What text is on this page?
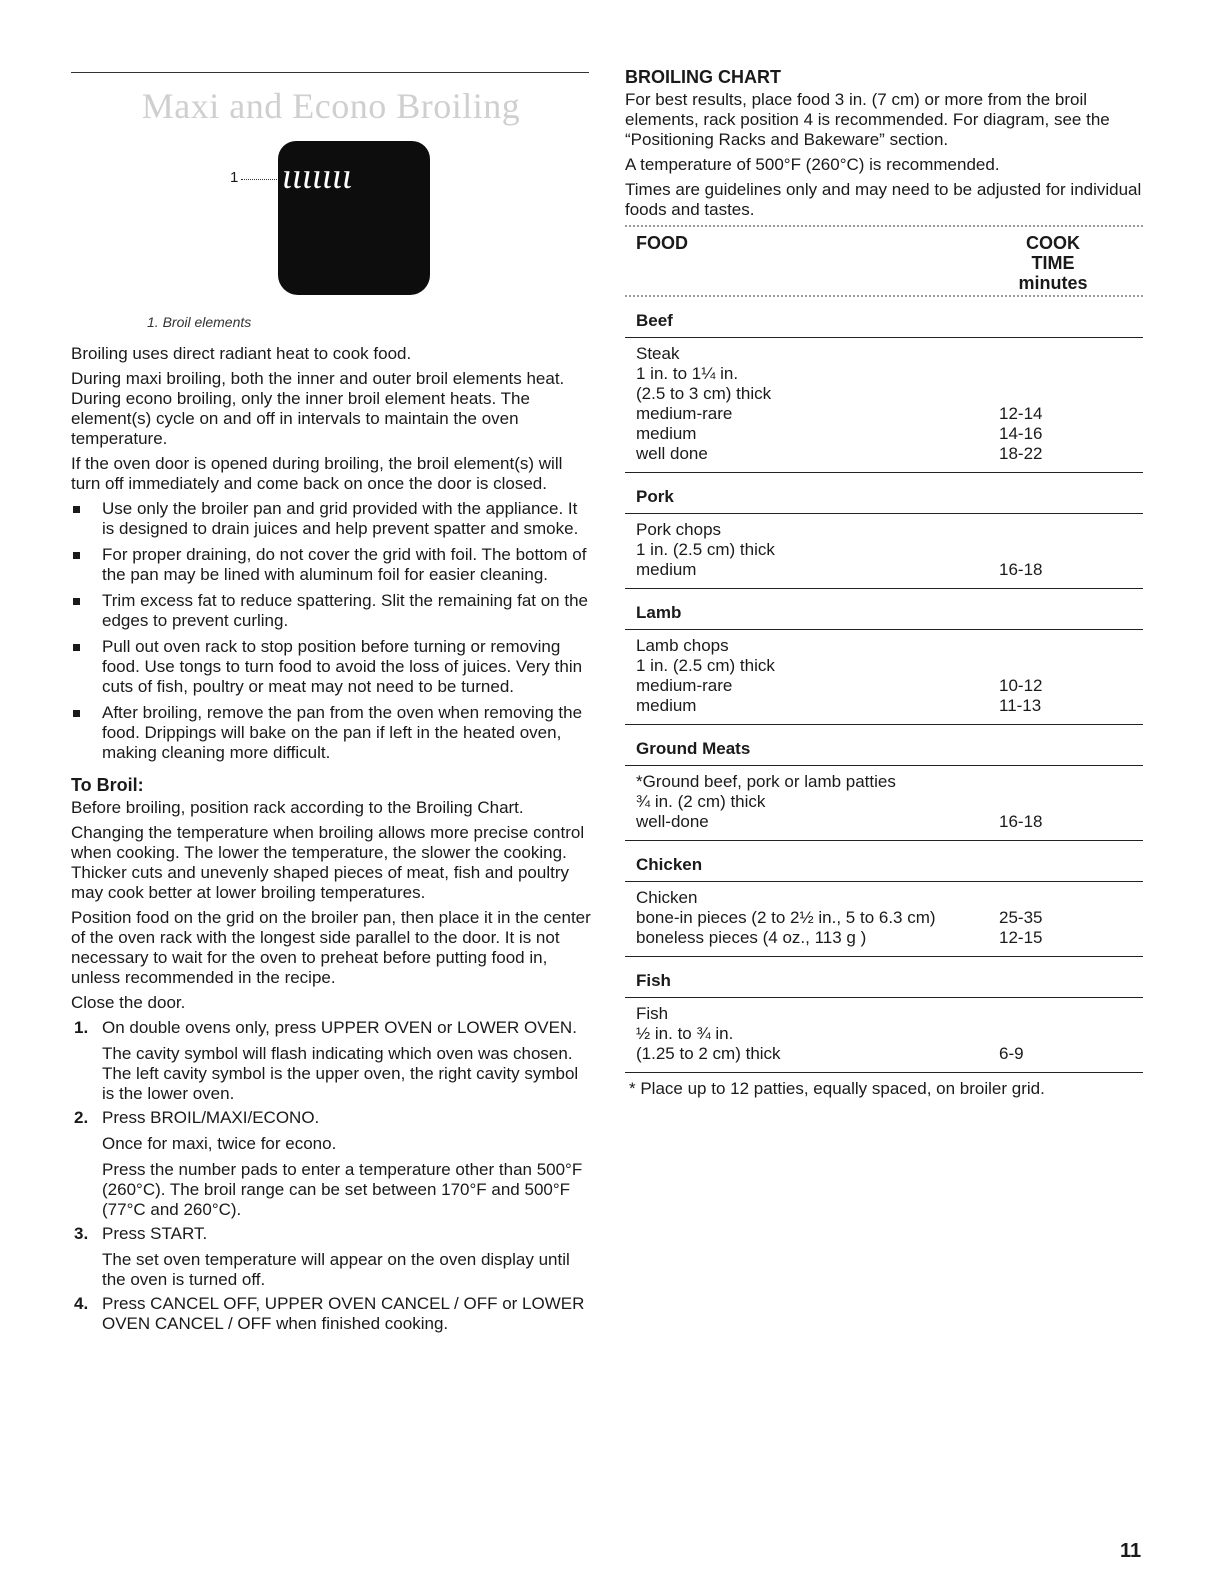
Maxi and Econo Broiling
1 ɩɩɩɩɩɩɩ
1. Broil elements

Broiling uses direct radiant heat to cook food.

During maxi broiling, both the inner and outer broil elements heat. During econo broiling, only the inner broil element heats. The element(s) cycle on and off in intervals to maintain the oven temperature.

If the oven door is opened during broiling, the broil element(s) will turn off immediately and come back on once the door is closed.

Use only the broiler pan and grid provided with the appliance. It is designed to drain juices and help prevent spatter and smoke.
For proper draining, do not cover the grid with foil. The bottom of the pan may be lined with aluminum foil for easier cleaning.
Trim excess fat to reduce spattering. Slit the remaining fat on the edges to prevent curling.
Pull out oven rack to stop position before turning or removing food. Use tongs to turn food to avoid the loss of juices. Very thin cuts of fish, poultry or meat may not need to be turned.
After broiling, remove the pan from the oven when removing the food. Drippings will bake on the pan if left in the heated oven, making cleaning more difficult.
To Broil:

Before broiling, position rack according to the Broiling Chart.

Changing the temperature when broiling allows more precise control when cooking. The lower the temperature, the slower the cooking. Thicker cuts and unevenly shaped pieces of meat, fish and poultry may cook better at lower broiling temperatures.

Position food on the grid on the broiler pan, then place it in the center of the oven rack with the longest side parallel to the door. It is not necessary to wait for the oven to preheat before putting food in, unless recommended in the recipe.

Close the door.

1. On double ovens only, press UPPER OVEN or LOWER OVEN.
The cavity symbol will flash indicating which oven was chosen. The left cavity symbol is the upper oven, the right cavity symbol is the lower oven.
2. Press BROIL/MAXI/ECONO.
Once for maxi, twice for econo.
Press the number pads to enter a temperature other than 500°F (260°C). The broil range can be set between 170°F and 500°F (77°C and 260°C).
3. Press START.
The set oven temperature will appear on the oven display until the oven is turned off.
4. Press CANCEL OFF, UPPER OVEN CANCEL / OFF or LOWER OVEN CANCEL / OFF when finished cooking.
BROILING CHART

For best results, place food 3 in. (7 cm) or more from the broil elements, rack position 4 is recommended. For diagram, see the “Positioning Racks and Bakeware” section.

A temperature of 500°F (260°C) is recommended.

Times are guidelines only and may need to be adjusted for individual foods and tastes.

FOOD	COOK
TIME
minutes
Beef
Steak
1 in. to 1¼ in.
(2.5 to 3 cm) thick
medium-rare	12-14
medium	14-16
well done	18-22
Pork
Pork chops
1 in. (2.5 cm) thick
medium	16-18
Lamb
Lamb chops
1 in. (2.5 cm) thick
medium-rare	10-12
medium	11-13
Ground Meats
*Ground beef, pork or lamb patties
¾ in. (2 cm) thick
well-done	16-18
Chicken
Chicken
bone-in pieces (2 to 2½ in., 5 to 6.3 cm)	25-35
boneless pieces (4 oz., 113 g )	12-15
Fish
Fish
½ in. to ¾ in.
(1.25 to 2 cm) thick	6-9
* Place up to 12 patties, equally spaced, on broiler grid.
11
